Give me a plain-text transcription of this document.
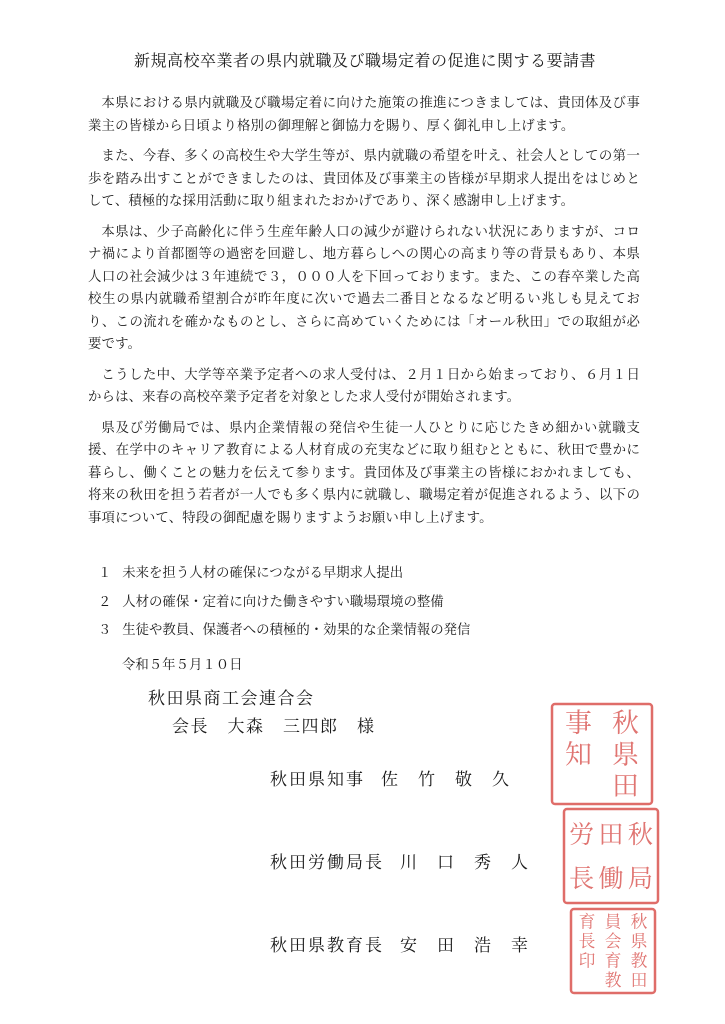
新規高校卒業者の県内就職及び職場定着の促進に関する要請書

本県における県内就職及び職場定着に向けた施策の推進につきましては、貴団体及び事業主の皆様から日頃より格別の御理解と御協力を賜り、厚く御礼申し上げます。

また、今春、多くの高校生や大学生等が、県内就職の希望を叶え、社会人としての第一歩を踏み出すことができましたのは、貴団体及び事業主の皆様が早期求人提出をはじめとして、積極的な採用活動に取り組まれたおかげであり、深く感謝申し上げます。

本県は、少子高齢化に伴う生産年齢人口の減少が避けられない状況にありますが、コロナ禍により首都圏等の過密を回避し、地方暮らしへの関心の高まり等の背景もあり、本県人口の社会減少は３年連続で３，０００人を下回っております。また、この春卒業した高校生の県内就職希望割合が昨年度に次いで過去二番目となるなど明るい兆しも見えており、この流れを確かなものとし、さらに高めていくためには「オール秋田」での取組が必要です。

こうした中、大学等卒業予定者への求人受付は、２月１日から始まっており、６月１日からは、来春の高校卒業予定者を対象とした求人受付が開始されます。

県及び労働局では、県内企業情報の発信や生徒一人ひとりに応じたきめ細かい就職支援、在学中のキャリア教育による人材育成の充実などに取り組むとともに、秋田で豊かに暮らし、働くことの魅力を伝えて参ります。貴団体及び事業主の皆様におかれましても、将来の秋田を担う若者が一人でも多く県内に就職し、職場定着が促進されるよう、以下の事項について、特段の御配慮を賜りますようお願い申し上げます。

１ 未来を担う人材の確保につながる早期求人提出
２ 人材の確保・定着に向けた働きやすい職場環境の整備
３ 生徒や教員、保護者への積極的・効果的な企業情報の発信
令和５年５月１０日
秋田県商工会連合会
会長　大森　三四郎　様
秋田県知事 佐竹敬久
秋田労働局長 川口秀人
秋田県教育長 安田浩幸
秋
県
田
事
知
秋
局
田
働
労
長
秋
県
教
田
員
会
育
教
育
長
印
